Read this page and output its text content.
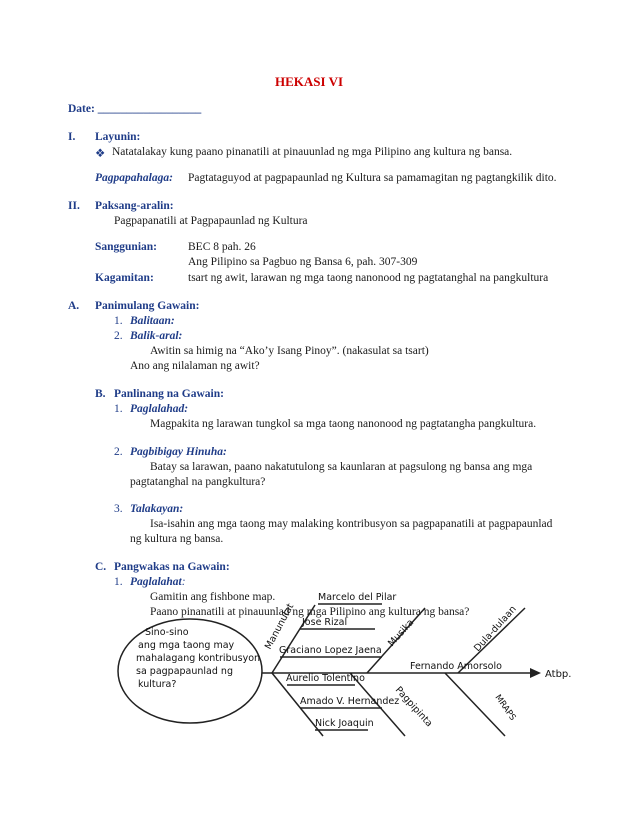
HEKASI VI
Date: __________________
I. Layunin:
❖ Natatalakay kung paano pinanatili at pinauunlad ng mga Pilipino ang kultura ng bansa.
Pagpapahalaga: Pagtataguyod at pagpapaunlad ng Kultura sa pamamagitan ng pagtangkilik dito.
II. Paksang-aralin:
Pagpapanatili at Pagpapaunlad ng Kultura
Sanggunian:	BEC 8 pah. 26
Ang Pilipino sa Pagbuo ng Bansa 6, pah. 307-309
Kagamitan:	tsart ng awit, larawan ng mga taong nanonood ng pagtatanghal na pangkultura
A. Panimulang Gawain:
1. Balitaan:
2. Balik-aral:
Awitin sa himig na “Ako’y Isang Pinoy”. (nakasulat sa tsart)
Ano ang nilalaman ng awit?
B. Panlinang na Gawain:
1. Paglalahad:
Magpakita ng larawan tungkol sa mga taong nanonood ng pagtatangha pangkultura.
2. Pagbibigay Hinuha:
Batay sa larawan, paano nakatutulong sa kaunlaran at pagsulong ng bansa ang mga
pagtatanghal na pangkultura?
3. Talakayan:
Isa-isahin ang mga taong may malaking kontribusyon sa pagpapanatili at pagpapaunlad
ng kultura ng bansa.
C. Pangwakas na Gawain:
1. Paglalahat:
Gamitin ang fishbone map.
Paano pinanatili at pinauunlad ng mga Pilipino ang kultura ng bansa?
Sino-sino
ang mga taong may
mahalagang kontribusyon
sa pagpapaunlad ng
kultura?
Manunulat	Musika	Dula-dulaan
Pagpipinta	MRAPS
Marcelo del Pilar
Jose Rizal
Graciano Lopez Jaena
Aurelio Tolentino
Amado V. Hernandez
Nick Joaquin
Fernando Amorsolo
Atbp.
